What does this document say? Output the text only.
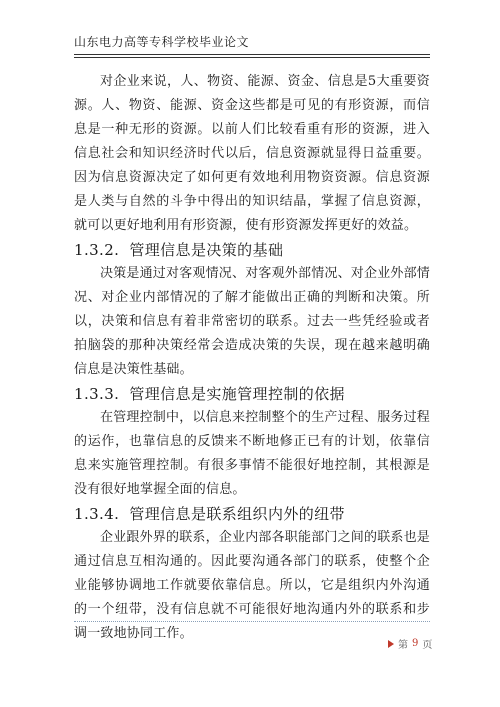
山东电力高等专科学校毕业论文

对企业来说，人、物资、能源、资金、信息是5大重要资源。人、物资、能源、资金这些都是可见的有形资源，而信息是一种无形的资源。以前人们比较看重有形的资源，进入信息社会和知识经济时代以后，信息资源就显得日益重要。因为信息资源决定了如何更有效地利用物资资源。信息资源是人类与自然的斗争中得出的知识结晶，掌握了信息资源，就可以更好地利用有形资源，使有形资源发挥更好的效益。

1.3.2. 管理信息是决策的基础

决策是通过对客观情况、对客观外部情况、对企业外部情况、对企业内部情况的了解才能做出正确的判断和决策。所以，决策和信息有着非常密切的联系。过去一些凭经验或者拍脑袋的那种决策经常会造成决策的失误，现在越来越明确信息是决策性基础。

1.3.3. 管理信息是实施管理控制的依据

在管理控制中，以信息来控制整个的生产过程、服务过程的运作，也靠信息的反馈来不断地修正已有的计划，依靠信息来实施管理控制。有很多事情不能很好地控制，其根源是没有很好地掌握全面的信息。

1.3.4. 管理信息是联系组织内外的纽带

企业跟外界的联系，企业内部各职能部门之间的联系也是通过信息互相沟通的。因此要沟通各部门的联系，使整个企业能够协调地工作就要依靠信息。所以，它是组织内外沟通的一个纽带，没有信息就不可能很好地沟通内外的联系和步调一致地协同工作。

第 9 页
